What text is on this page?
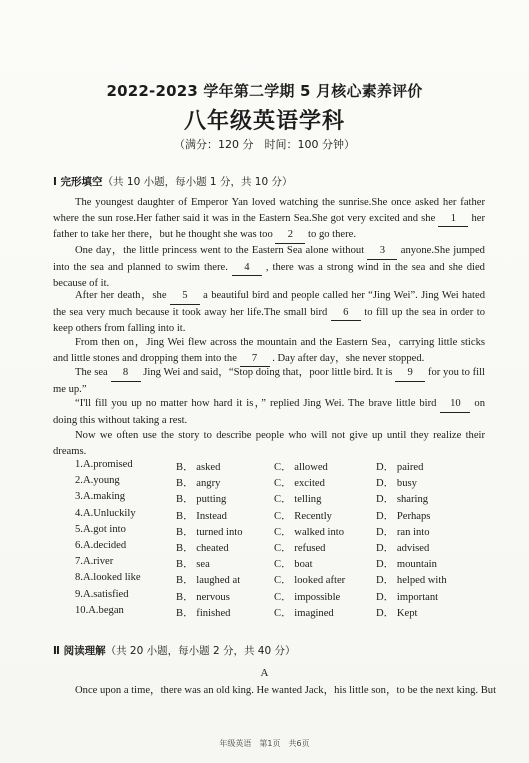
2022-2023 学年第二学期 5 月核心素养评价
八年级英语学科
（满分：120 分　时间：100 分钟）
Ⅰ 完形填空（共 10 小题，每小题 1 分，共 10 分）
The youngest daughter of Emperor Yan loved watching the sunrise.She once asked her father where the sun rose.Her father said it was in the Eastern Sea.She got very excited and she 1 her father to take her there，but he thought she was too 2 to go there.
One day，the little princess went to the Eastern Sea alone without 3 anyone.She jumped into the sea and planned to swim there. 4 , there was a strong wind in the sea and she died because of it.
After her death，she 5 a beautiful bird and people called her “Jing Wei”. Jing Wei hated the sea very much because it took away her life.The small bird 6 to fill up the sea in order to keep others from falling into it.
From then on，Jing Wei flew across the mountain and the Eastern Sea，carrying little sticks and little stones and dropping them into the 7 . Day after day，she never stopped.
The sea 8 Jing Wei and said，“Stop doing that，poor little bird. It is 9 for you to fill me up.”
“I'll fill you up no matter how hard it is，” replied Jing Wei. The brave little bird 10 on doing this without taking a rest.
Now we often use the story to describe people who will not give up until they realize their dreams.
1.A.promised	B． asked	C． allowed	D． paired
2.A.young	B． angry	C． excited	D． busy
3.A.making	B． putting	C． telling	D． sharing
4.A.Unluckily	B． Instead	C． Recently	D． Perhaps
5.A.got into	B． turned into	C． walked into	D． ran into
6.A.decided	B． cheated	C． refused	D． advised
7.A.river	B． sea	C． boat	D． mountain
8.A.looked like	B． laughed at	C． looked after	D． helped with
9.A.satisfied	B． nervous	C． impossible	D． important
10.A.began	B． finished	C． imagined	D． Kept
Ⅱ 阅读理解（共 20 小题，每小题 2 分，共 40 分）
A
Once upon a time，there was an old king. He wanted Jack，his little son，to be the next king. But
年级英语　第1页　共6页
